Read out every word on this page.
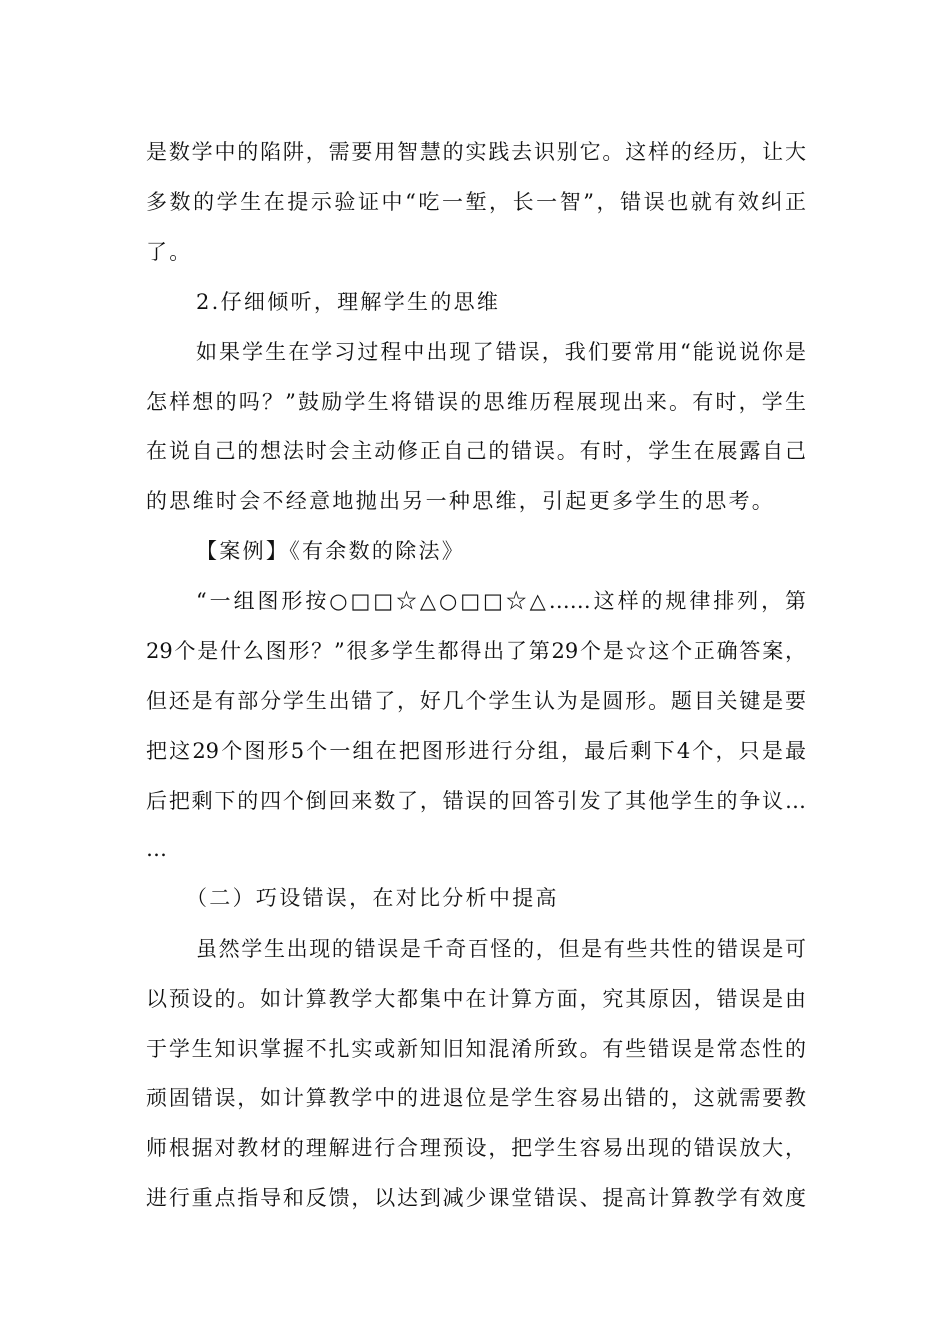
是数学中的陷阱，需要用智慧的实践去识别它。这样的经历，让大
多数的学生在提示验证中“吃一堑，长一智”，错误也就有效纠正
了。
2.仔细倾听，理解学生的思维
如果学生在学习过程中出现了错误，我们要常用“能说说你是
怎样想的吗？”鼓励学生将错误的思维历程展现出来。有时，学生
在说自己的想法时会主动修正自己的错误。有时，学生在展露自己
的思维时会不经意地抛出另一种思维，引起更多学生的思考。
【案例】《有余数的除法》
“一组图形按○□□☆△○□□☆△……这样的规律排列，第
29个是什么图形？”很多学生都得出了第29个是☆这个正确答案，
但还是有部分学生出错了，好几个学生认为是圆形。题目关键是要
把这29个图形5个一组在把图形进行分组，最后剩下4个，只是最
后把剩下的四个倒回来数了，错误的回答引发了其他学生的争议…
…
（二）巧设错误，在对比分析中提高
虽然学生出现的错误是千奇百怪的，但是有些共性的错误是可
以预设的。如计算教学大都集中在计算方面，究其原因，错误是由
于学生知识掌握不扎实或新知旧知混淆所致。有些错误是常态性的
顽固错误，如计算教学中的进退位是学生容易出错的，这就需要教
师根据对教材的理解进行合理预设，把学生容易出现的错误放大，
进行重点指导和反馈，以达到减少课堂错误、提高计算教学有效度
